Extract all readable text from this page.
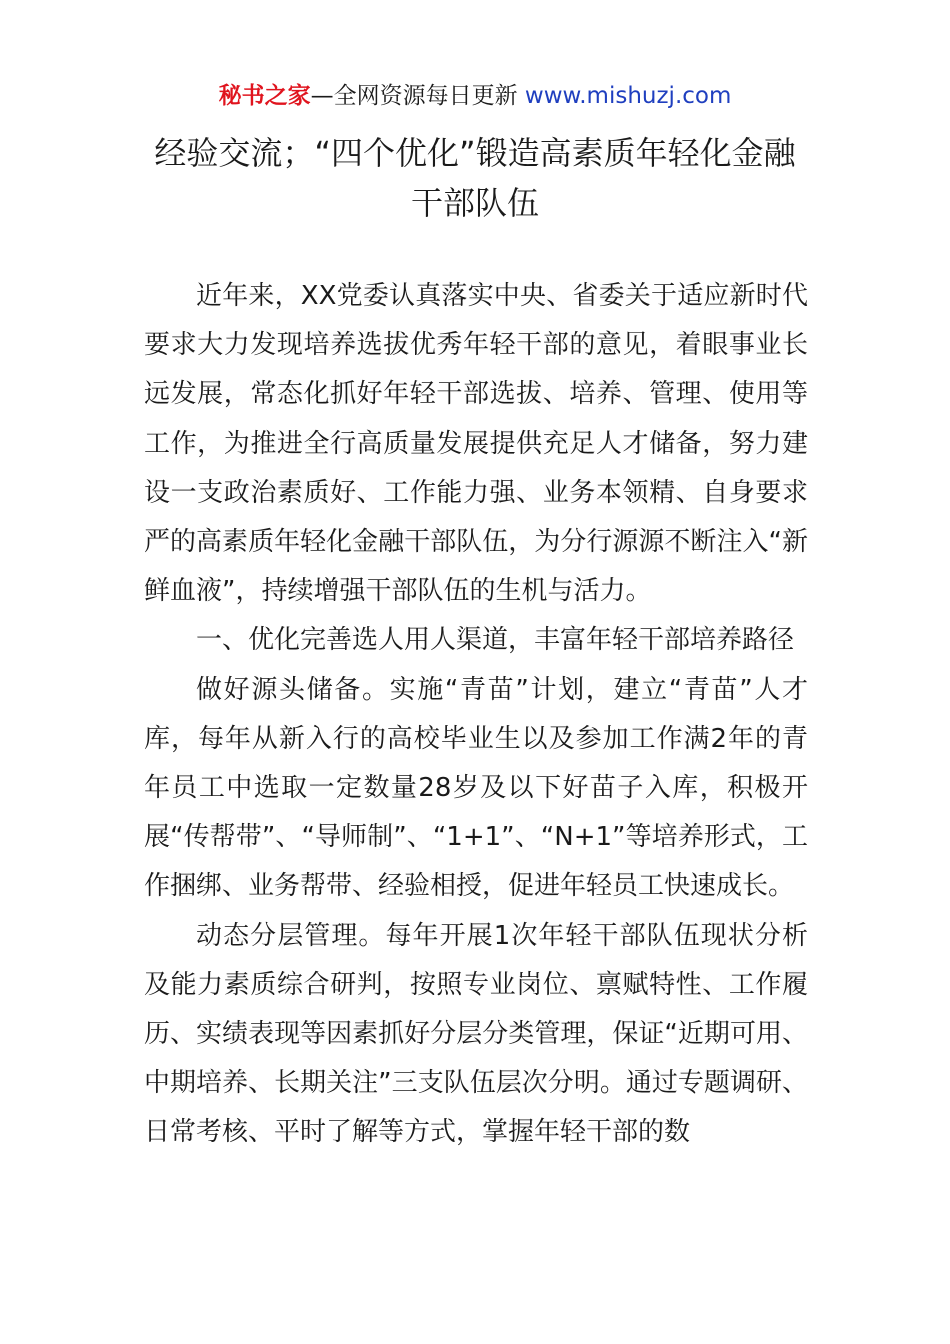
秘书之家—全网资源每日更新 www.mishuzj.com
经验交流；“四个优化”锻造高素质年轻化金融
干部队伍

近年来，XX党委认真落实中央、省委关于适应新时代要求大力发现培养选拔优秀年轻干部的意见，着眼事业长远发展，常态化抓好年轻干部选拔、培养、管理、使用等工作，为推进全行高质量发展提供充足人才储备，努力建设一支政治素质好、工作能力强、业务本领精、自身要求严的高素质年轻化金融干部队伍，为分行源源不断注入“新鲜血液”，持续增强干部队伍的生机与活力。

一、优化完善选人用人渠道，丰富年轻干部培养路径

做好源头储备。实施“青苗”计划，建立“青苗”人才库，每年从新入行的高校毕业生以及参加工作满2年的青年员工中选取一定数量28岁及以下好苗子入库，积极开展“传帮带”、“导师制”、“1+1”、“N+1”等培养形式，工作捆绑、业务帮带、经验相授，促进年轻员工快速成长。

动态分层管理。每年开展1次年轻干部队伍现状分析及能力素质综合研判，按照专业岗位、禀赋特性、工作履历、实绩表现等因素抓好分层分类管理，保证“近期可用、中期培养、长期关注”三支队伍层次分明。通过专题调研、日常考核、平时了解等方式，掌握年轻干部的数
